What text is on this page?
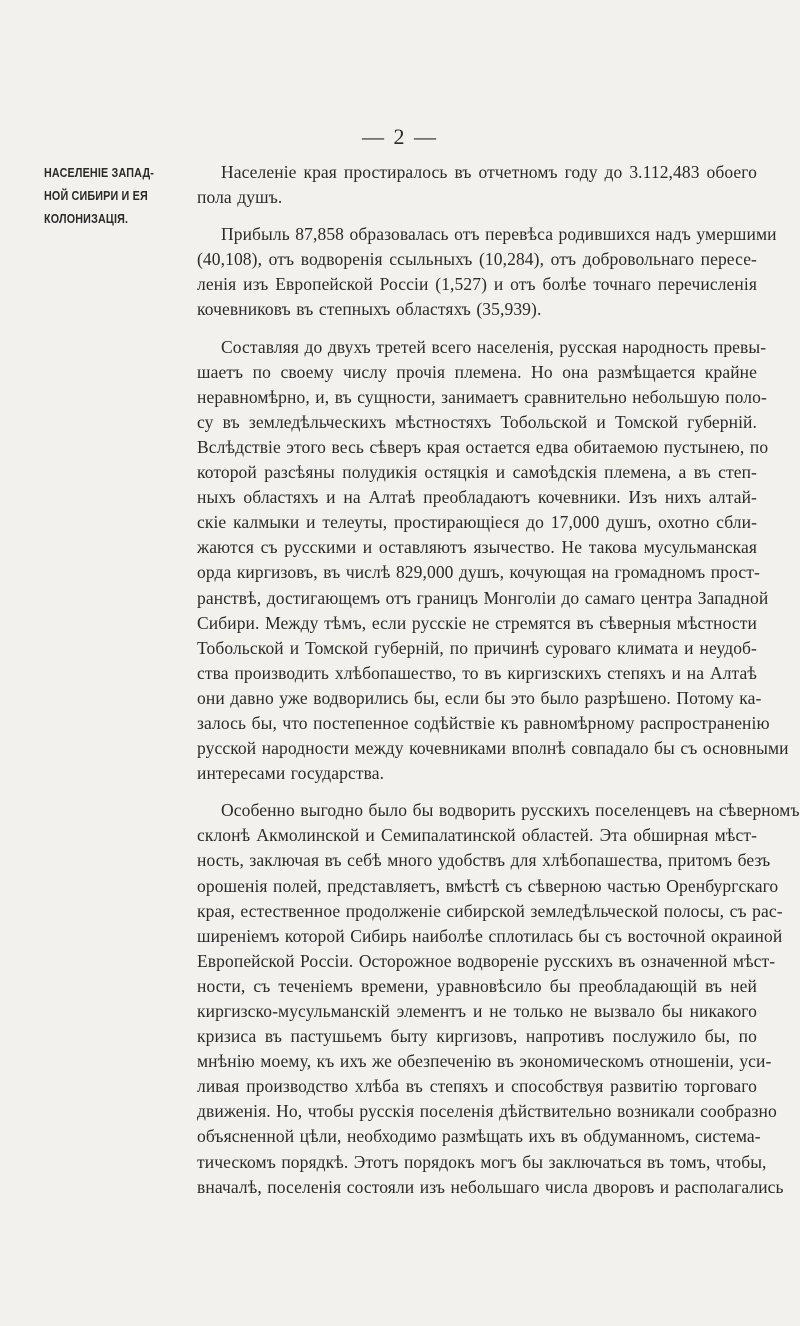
— 2 —
НАСЕЛЕНІЕ ЗАПАД-
НОЙ СИБИРИ И ЕЯ
КОЛОНИЗАЦІЯ.

Населеніе края простиралось въ отчетномъ году до 3.112,483 обоего
пола душъ.

Прибыль 87,858 образовалась отъ перевѣса родившихся надъ умершими
(40,108), отъ водворенія ссыльныхъ (10,284), отъ добровольнаго пересе-
ленія изъ Европейской Россіи (1,527) и отъ болѣе точнаго перечисленія
кочевниковъ въ степныхъ областяхъ (35,939).

Составляя до двухъ третей всего населенія, русская народность превы-
шаетъ по своему числу прочія племена. Но она размѣщается крайне
неравномѣрно, и, въ сущности, занимаетъ сравнительно небольшую поло-
су въ земледѣльческихъ мѣстностяхъ Тобольской и Томской губерній.
Вслѣдствіе этого весь сѣверъ края остается едва обитаемою пустынею, по
которой разсѣяны полудикія остяцкія и самоѣдскія племена, а въ степ-
ныхъ областяхъ и на Алтаѣ преобладаютъ кочевники. Изъ нихъ алтай-
скіе калмыки и телеуты, простирающіеся до 17,000 душъ, охотно сбли-
жаются съ русскими и оставляютъ язычество. Не такова мусульманская
орда киргизовъ, въ числѣ 829,000 душъ, кочующая на громадномъ прост-
ранствѣ, достигающемъ отъ границъ Монголіи до самаго центра Западной
Сибири. Между тѣмъ, если русскіе не стремятся въ сѣверныя мѣстности
Тобольской и Томской губерній, по причинѣ суроваго климата и неудоб-
ства производить хлѣбопашество, то въ киргизскихъ степяхъ и на Алтаѣ
они давно уже водворились бы, если бы это было разрѣшено. Потому ка-
залось бы, что постепенное содѣйствіе къ равномѣрному распространенію
русской народности между кочевниками вполнѣ совпадало бы съ основными
интересами государства.

Особенно выгодно было бы водворить русскихъ поселенцевъ на сѣверномъ
склонѣ Акмолинской и Семипалатинской областей. Эта обширная мѣст-
ность, заключая въ себѣ много удобствъ для хлѣбопашества, притомъ безъ
орошенія полей, представляетъ, вмѣстѣ съ сѣверною частью Оренбургскаго
края, естественное продолженіе сибирской земледѣльческой полосы, съ рас-
ширеніемъ которой Сибирь наиболѣе сплотилась бы съ восточной окраиной
Европейской Россіи. Осторожное водвореніе русскихъ въ означенной мѣст-
ности, съ теченіемъ времени, уравновѣсило бы преобладающій въ ней
киргизско-мусульманскій элементъ и не только не вызвало бы никакого
кризиса въ пастушьемъ быту киргизовъ, напротивъ послужило бы, по
мнѣнію моему, къ ихъ же обезпеченію въ экономическомъ отношеніи, уси-
ливая производство хлѣба въ степяхъ и способствуя развитію торговаго
движенія. Но, чтобы русскія поселенія дѣйствительно возникали сообразно
объясненной цѣли, необходимо размѣщать ихъ въ обдуманномъ, система-
тическомъ порядкѣ. Этотъ порядокъ могъ бы заключаться въ томъ, чтобы,
вначалѣ, поселенія состояли изъ небольшаго числа дворовъ и располагались
